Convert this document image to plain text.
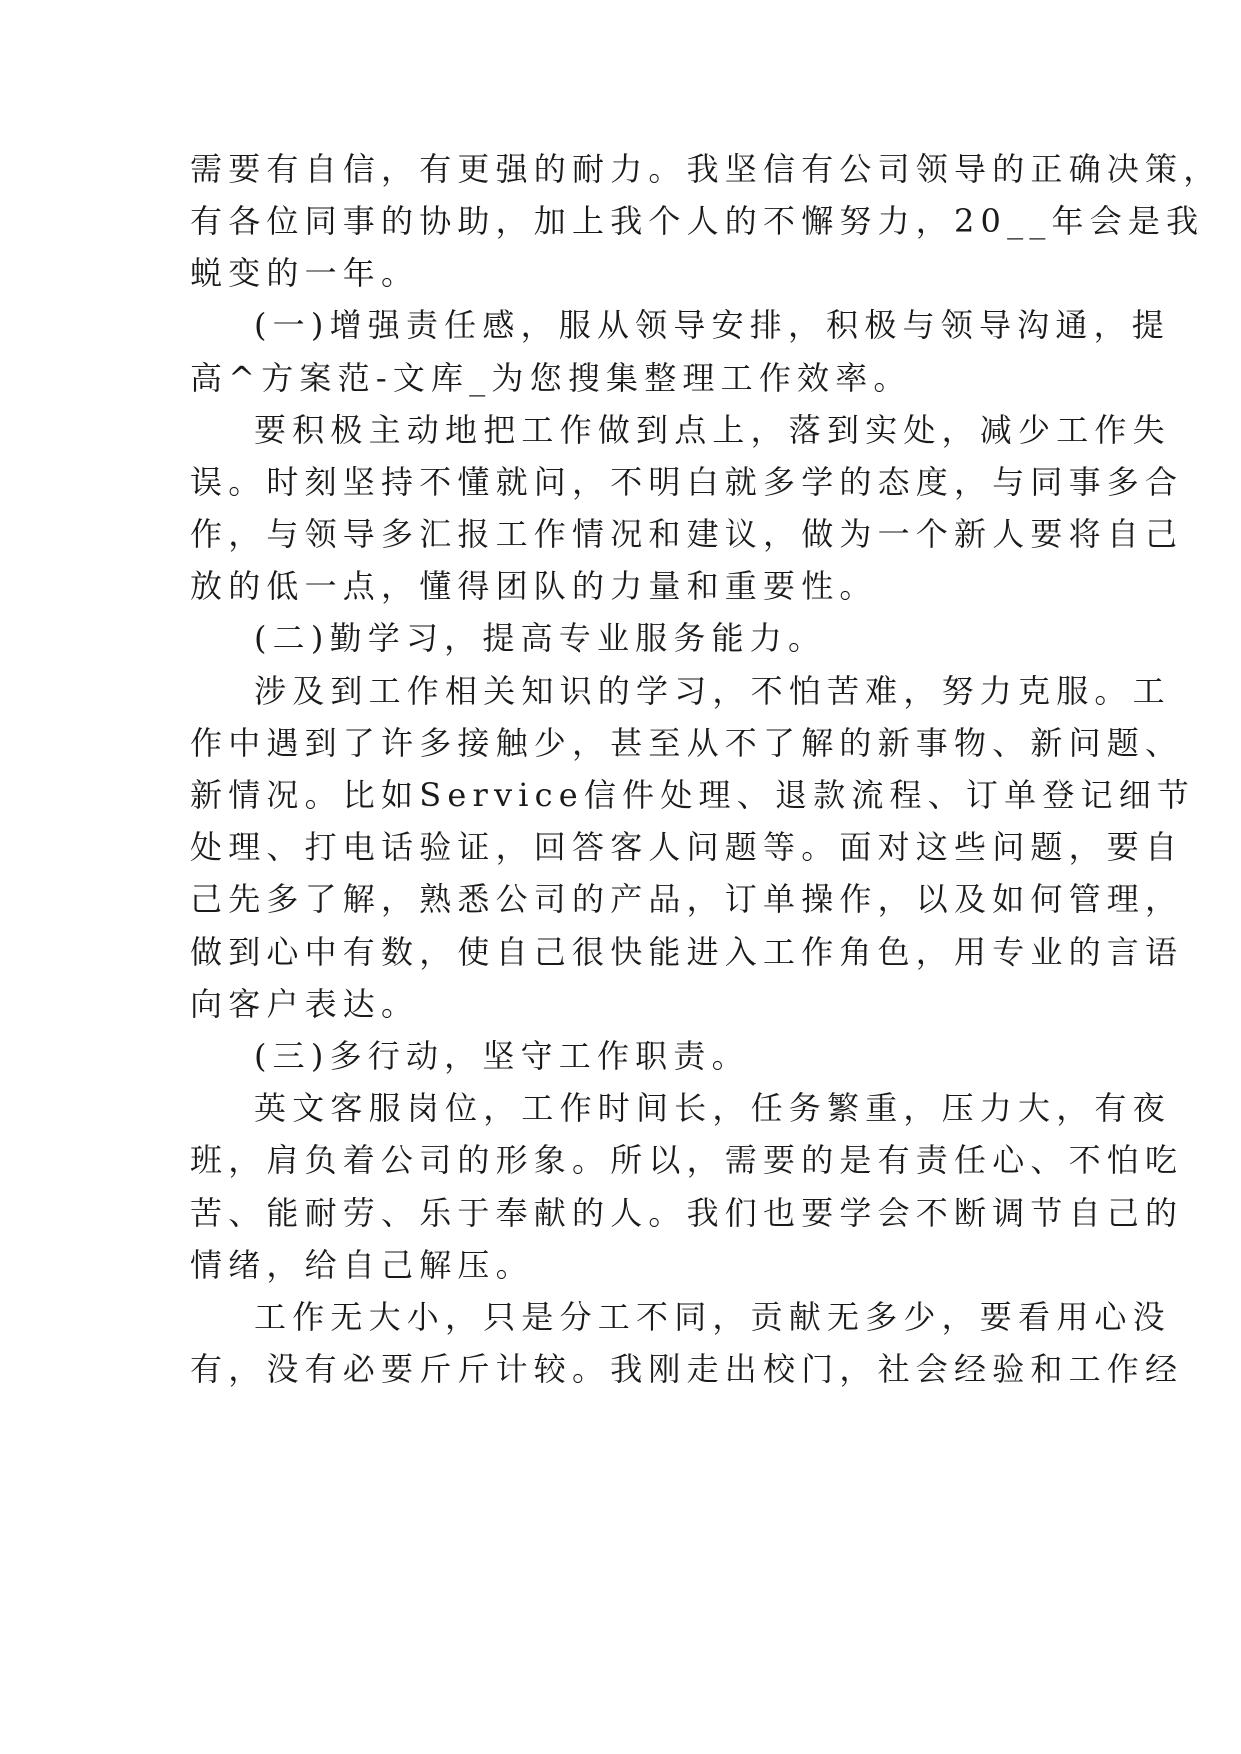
需要有自信，有更强的耐力。我坚信有公司领导的正确决策，
有各位同事的协助，加上我个人的不懈努力，20__年会是我
蜕变的一年。
(一)增强责任感，服从领导安排，积极与领导沟通，提
高^方案范-文库_为您搜集整理工作效率。
要积极主动地把工作做到点上，落到实处，减少工作失
误。时刻坚持不懂就问，不明白就多学的态度，与同事多合
作，与领导多汇报工作情况和建议，做为一个新人要将自己
放的低一点，懂得团队的力量和重要性。
(二)勤学习，提高专业服务能力。
涉及到工作相关知识的学习，不怕苦难，努力克服。工
作中遇到了许多接触少，甚至从不了解的新事物、新问题、
新情况。比如Service信件处理、退款流程、订单登记细节
处理、打电话验证，回答客人问题等。面对这些问题，要自
己先多了解，熟悉公司的产品，订单操作，以及如何管理，
做到心中有数，使自己很快能进入工作角色，用专业的言语
向客户表达。
(三)多行动，坚守工作职责。
英文客服岗位，工作时间长，任务繁重，压力大，有夜
班，肩负着公司的形象。所以，需要的是有责任心、不怕吃
苦、能耐劳、乐于奉献的人。我们也要学会不断调节自己的
情绪，给自己解压。
工作无大小，只是分工不同，贡献无多少，要看用心没
有，没有必要斤斤计较。我刚走出校门，社会经验和工作经
